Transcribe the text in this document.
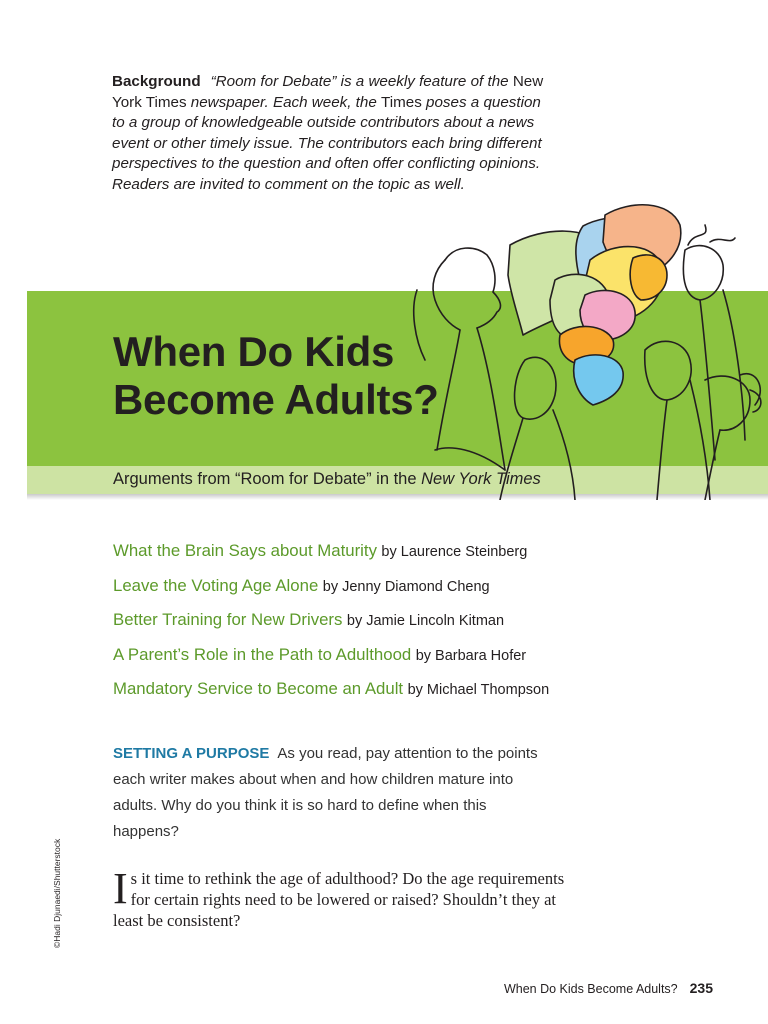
Background “Room for Debate” is a weekly feature of the New York Times newspaper. Each week, the Times poses a question to a group of knowledgeable outside contributors about a news event or other timely issue. The contributors each bring different perspectives to the question and often offer conflicting opinions. Readers are invited to comment on the topic as well.
When Do Kids
Become Adults?
Arguments from “Room for Debate” in the New York Times
What the Brain Says about Maturity by Laurence Steinberg
Leave the Voting Age Alone by Jenny Diamond Cheng
Better Training for New Drivers by Jamie Lincoln Kitman
A Parent’s Role in the Path to Adulthood by Barbara Hofer
Mandatory Service to Become an Adult by Michael Thompson
SETTING A PURPOSE As you read, pay attention to the points each writer makes about when and how children mature into adults. Why do you think it is so hard to define when this happens?
Is it time to rethink the age of adulthood? Do the age requirements for certain rights need to be lowered or raised? Shouldn’t they at least be consistent?
©Hadi Djunaedi/Shutterstock
When Do Kids Become Adults? 235
